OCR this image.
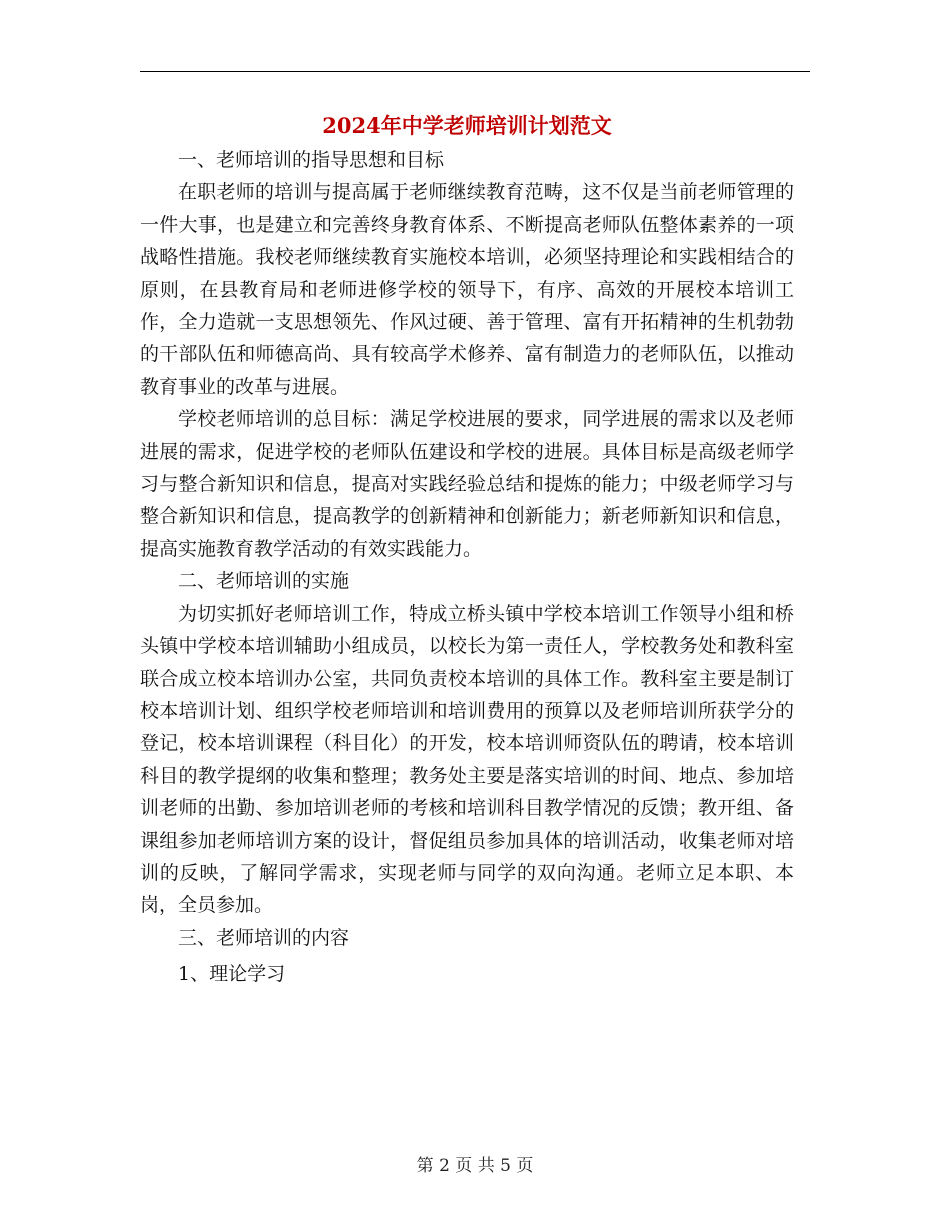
2024年中学老师培训计划范文

一、老师培训的指导思想和目标

在职老师的培训与提高属于老师继续教育范畴，这不仅是当前老师管理的一件大事，也是建立和完善终身教育体系、不断提高老师队伍整体素养的一项战略性措施。我校老师继续教育实施校本培训，必须坚持理论和实践相结合的原则，在县教育局和老师进修学校的领导下，有序、高效的开展校本培训工作，全力造就一支思想领先、作风过硬、善于管理、富有开拓精神的生机勃勃的干部队伍和师德高尚、具有较高学术修养、富有制造力的老师队伍，以推动教育事业的改革与进展。

学校老师培训的总目标：满足学校进展的要求，同学进展的需求以及老师进展的需求，促进学校的老师队伍建设和学校的进展。具体目标是高级老师学习与整合新知识和信息，提高对实践经验总结和提炼的能力；中级老师学习与整合新知识和信息，提高教学的创新精神和创新能力；新老师新知识和信息，提高实施教育教学活动的有效实践能力。

二、老师培训的实施

为切实抓好老师培训工作，特成立桥头镇中学校本培训工作领导小组和桥头镇中学校本培训辅助小组成员，以校长为第一责任人，学校教务处和教科室联合成立校本培训办公室，共同负责校本培训的具体工作。教科室主要是制订校本培训计划、组织学校老师培训和培训费用的预算以及老师培训所获学分的登记，校本培训课程（科目化）的开发，校本培训师资队伍的聘请，校本培训科目的教学提纲的收集和整理；教务处主要是落实培训的时间、地点、参加培训老师的出勤、参加培训老师的考核和培训科目教学情况的反馈；教开组、备课组参加老师培训方案的设计，督促组员参加具体的培训活动，收集老师对培训的反映，了解同学需求，实现老师与同学的双向沟通。老师立足本职、本岗，全员参加。

三、老师培训的内容

1、理论学习

第 2 页 共 5 页
